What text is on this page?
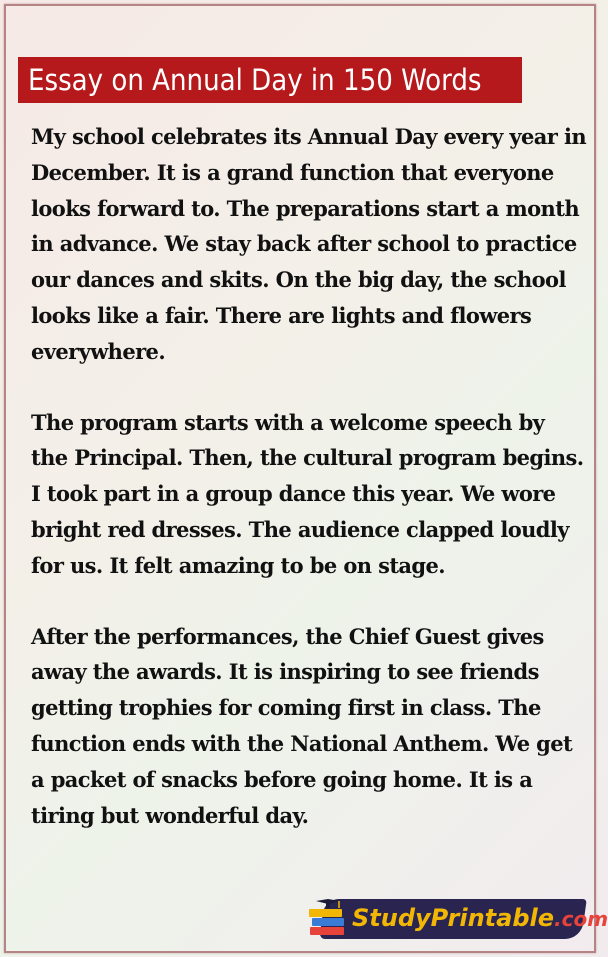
Essay on Annual Day in 150 Words

My school celebrates its Annual Day every year in December. It is a grand function that everyone looks forward to. The preparations start a month in advance. We stay back after school to practice our dances and skits. On the big day, the school looks like a fair. There are lights and flowers everywhere.

The program starts with a welcome speech by the Principal. Then, the cultural program begins. I took part in a group dance this year. We wore bright red dresses. The audience clapped loudly for us. It felt amazing to be on stage.

After the performances, the Chief Guest gives away the awards. It is inspiring to see friends getting trophies for coming first in class. The function ends with the National Anthem. We get a packet of snacks before going home. It is a tiring but wonderful day.

StudyPrintable.com
